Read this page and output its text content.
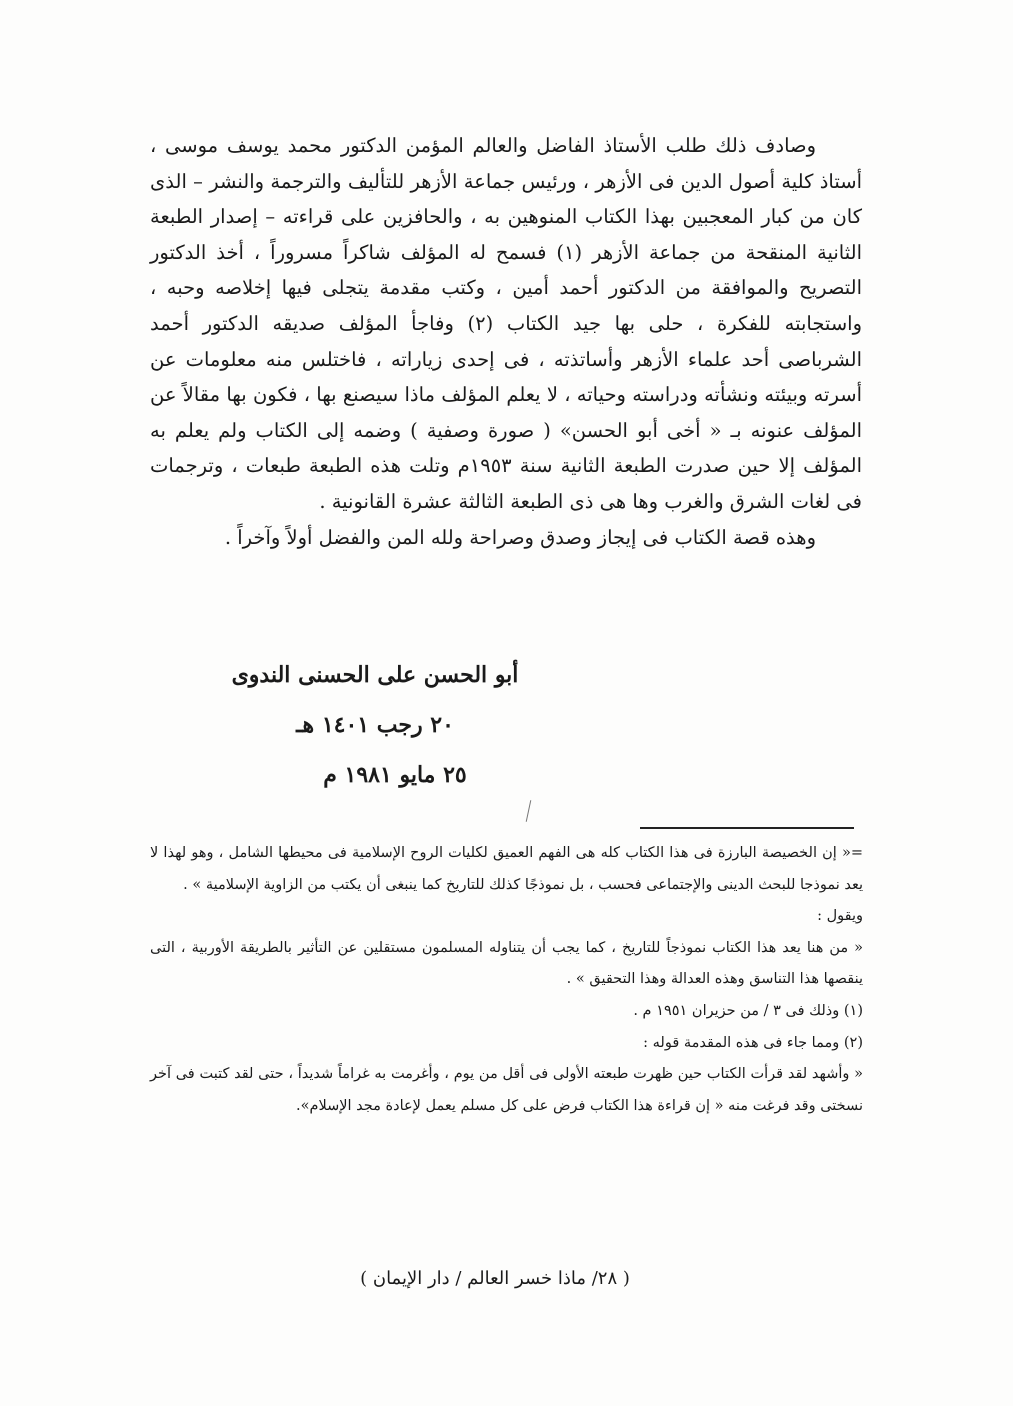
وصادف ذلك طلب الأستاذ الفاضل والعالم المؤمن الدكتور محمد يوسف موسى ، أستاذ كلية أصول الدين فى الأزهر ، ورئيس جماعة الأزهر للتأليف والترجمة والنشر – الذى كان من كبار المعجبين بهذا الكتاب المنوهين به ، والحافزين على قراءته – إصدار الطبعة الثانية المنقحة من جماعة الأزهر (١) فسمح له المؤلف شاكراً مسروراً ، أخذ الدكتور التصريح والموافقة من الدكتور أحمد أمين ، وكتب مقدمة يتجلى فيها إخلاصه وحبه ، واستجابته للفكرة ، حلى بها جيد الكتاب (٢) وفاجأ المؤلف صديقه الدكتور أحمد الشرباصى أحد علماء الأزهر وأساتذته ، فى إحدى زياراته ، فاختلس منه معلومات عن أسرته وبيئته ونشأته ودراسته وحياته ، لا يعلم المؤلف ماذا سيصنع بها ، فكون بها مقالاً عن المؤلف عنونه بـ « أخى أبو الحسن» ( صورة وصفية ) وضمه إلى الكتاب ولم يعلم به المؤلف إلا حين صدرت الطبعة الثانية سنة ١٩٥٣م وتلت هذه الطبعة طبعات ، وترجمات فى لغات الشرق والغرب وها هى ذى الطبعة الثالثة عشرة القانونية .

وهذه قصة الكتاب فى إيجاز وصدق وصراحة ولله المن والفضل أولاً وآخراً .

أبو الحسن على الحسنى الندوى
٢٠ رجب ١٤٠١ هـ
٢٥ مايو ١٩٨١ م

=« إن الخصيصة البارزة فى هذا الكتاب كله هى الفهم العميق لكليات الروح الإسلامية فى محيطها الشامل ، وهو لهذا لا يعد نموذجا للبحث الدينى والإجتماعى فحسب ، بل نموذجًا كذلك للتاريخ كما ينبغى أن يكتب من الزاوية الإسلامية » .

ويقول :

« من هنا يعد هذا الكتاب نموذجاً للتاريخ ، كما يجب أن يتناوله المسلمون مستقلين عن التأثير بالطريقة الأوربية ، التى ينقصها هذا التناسق وهذه العدالة وهذا التحقيق » .

(١) وذلك فى ٣ / من حزيران ١٩٥١ م .

(٢) ومما جاء فى هذه المقدمة قوله :

« وأشهد لقد قرأت الكتاب حين ظهرت طبعته الأولى فى أقل من يوم ، وأغرمت به غراماً شديداً ، حتى لقد كتبت فى آخر نسختى وقد فرغت منه « إن قراءة هذا الكتاب فرض على كل مسلم يعمل لإعادة مجد الإسلام».

( ٢٨/ ماذا خسر العالم / دار الإيمان )
